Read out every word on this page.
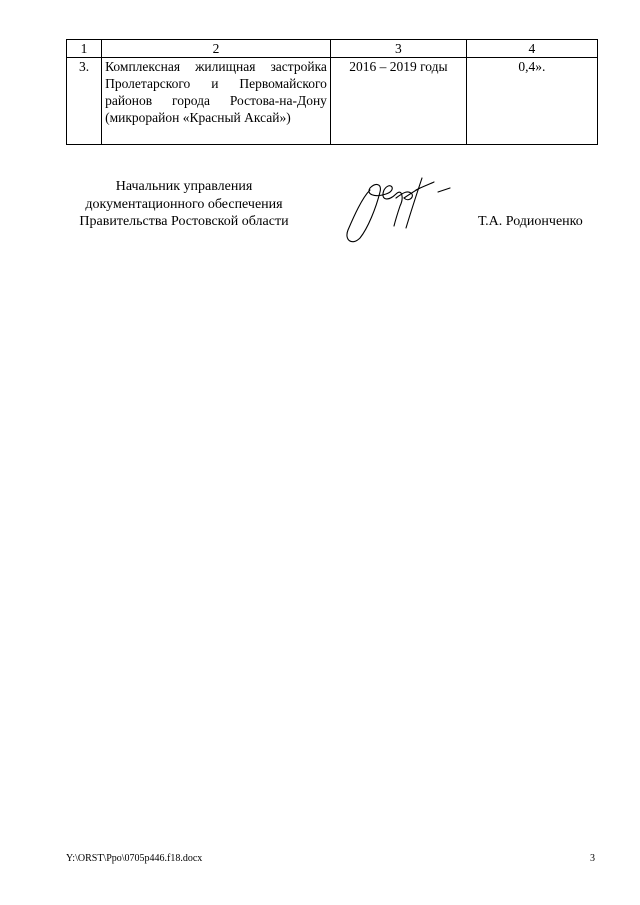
1	2	3	4
3.	Комплексная жилищная застройка
Пролетарского и Первомайского
районов города Ростова-на-Дону
(микрорайон «Красный Аксай»)	2016 – 2019 годы	0,4».
Начальник управления
документационного обеспечения
Правительства Ростовской области	Т.А. Родионченко
Y:\ORST\Ppo\0705p446.f18.docx	3
